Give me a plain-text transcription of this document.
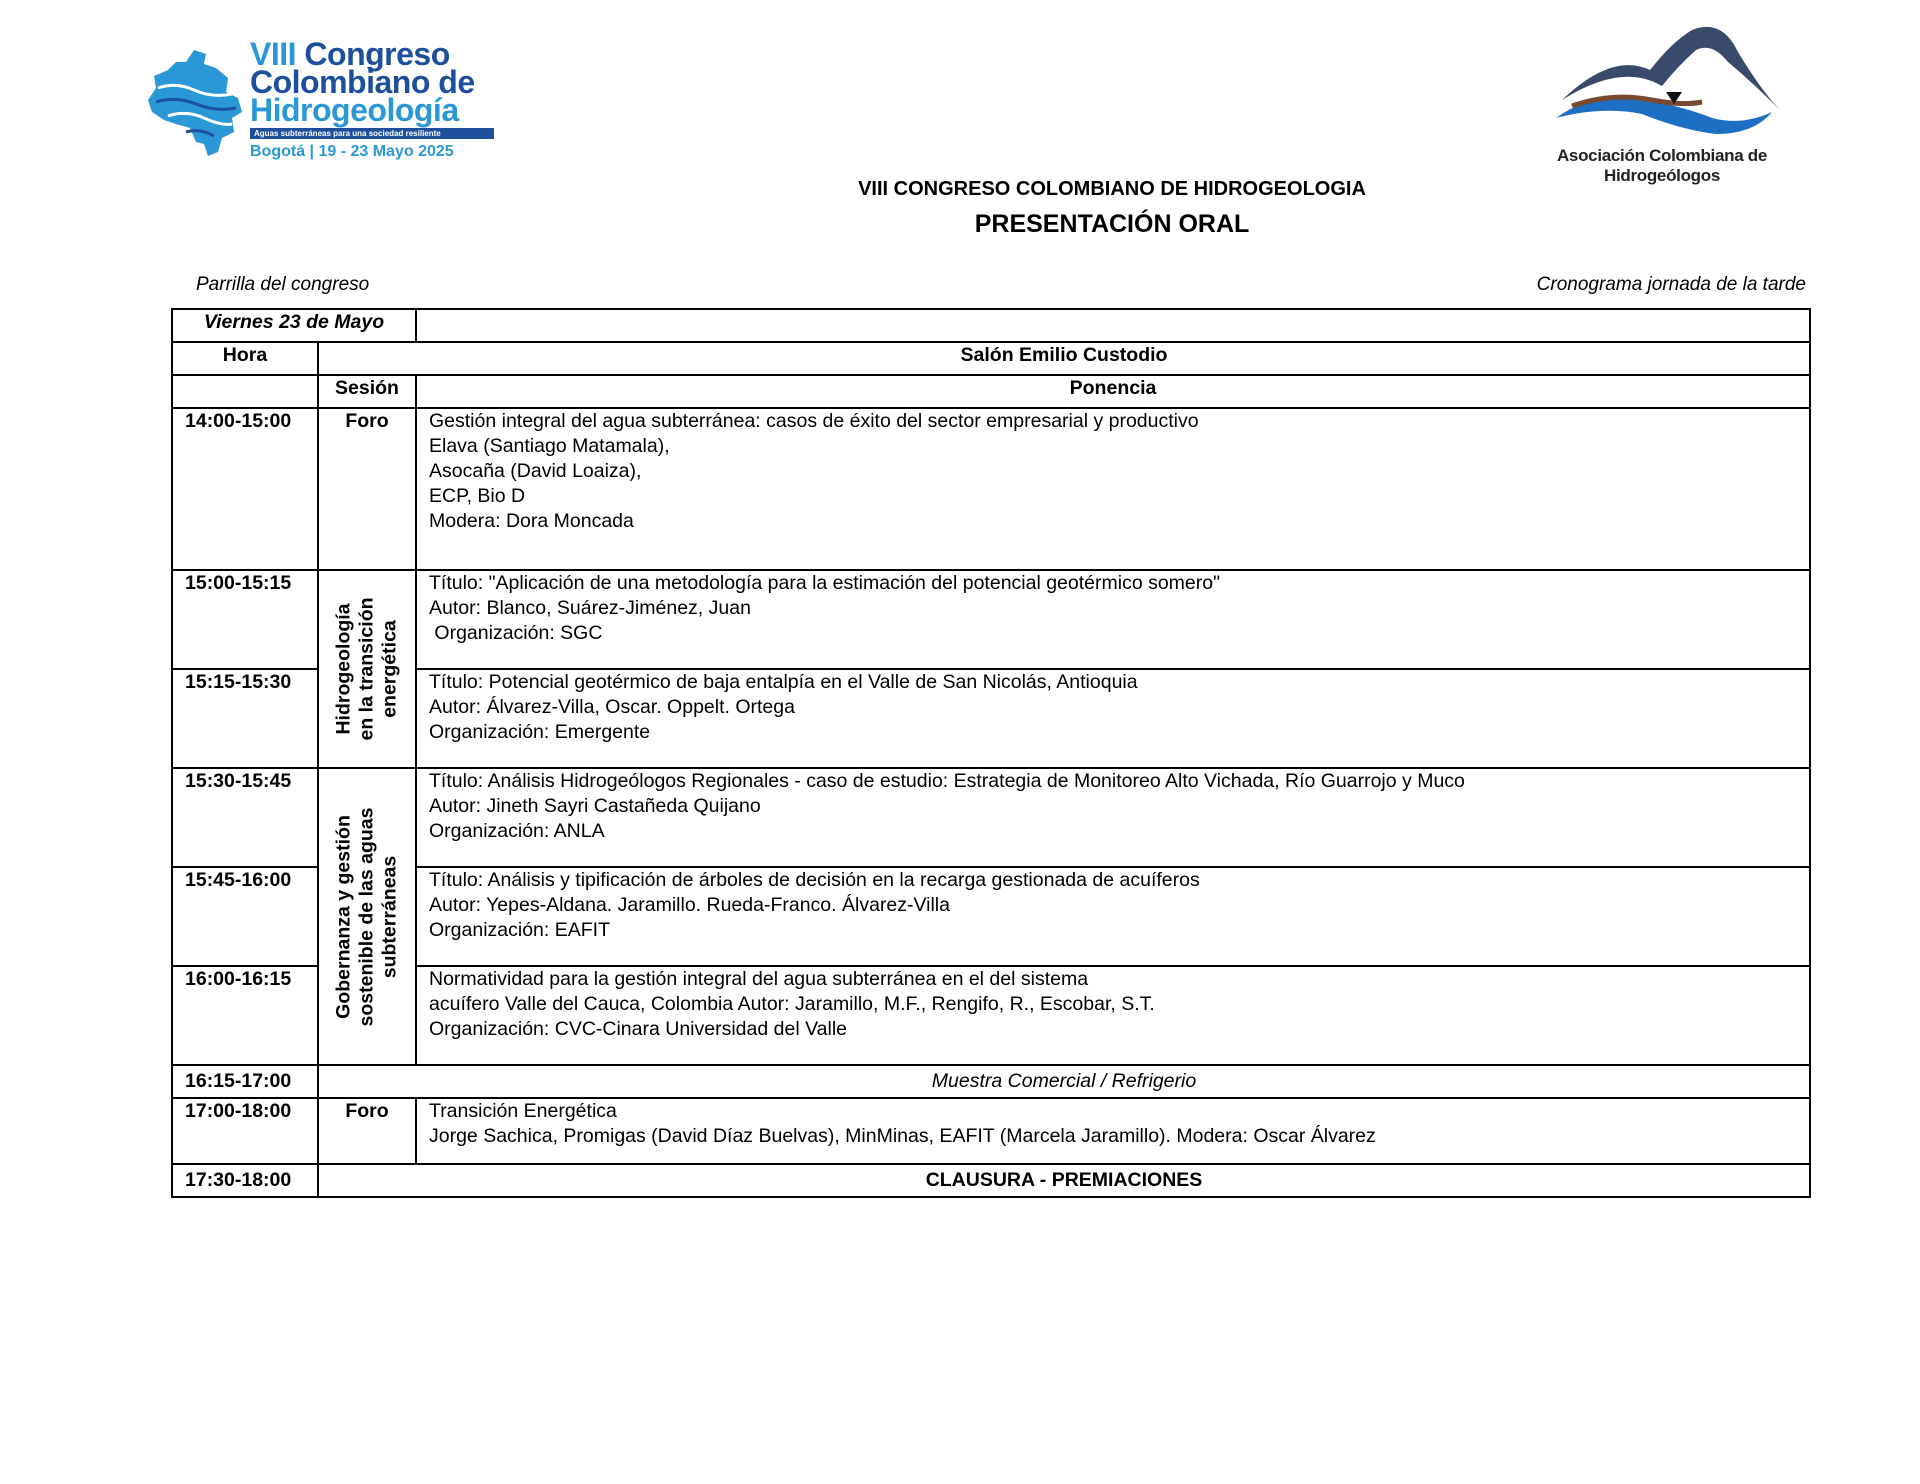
VIII Congreso
Colombiano de
Hidrogeología
Aguas subterráneas para una sociedad resiliente
Bogotá | 19 - 23 Mayo 2025	Asociación Colombiana de Hidrogeólogos
VIII CONGRESO COLOMBIANO DE HIDROGEOLOGIA
PRESENTACIÓN ORAL
Parrilla del congreso	Cronograma jornada de la tarde
Viernes 23 de Mayo		
Hora	Salón Emilio Custodio	
	Sesión	Ponencia
14:00-15:00	Foro	Gestión integral del agua subterránea: casos de éxito del sector empresarial y productivo
Elava (Santiago Matamala),
Asocaña (David Loaiza),
ECP, Bio D
Modera: Dora Moncada

15:00-15:15	Hidrogeología en la transición energética	Título: "Aplicación de una metodología para la estimación del potencial geotérmico somero"
Autor: Blanco, Suárez-Jiménez, Juan
Organización: SGC

15:15-15:30		Título: Potencial geotérmico de baja entalpía en el Valle de San Nicolás, Antioquia
Autor: Álvarez-Villa, Oscar. Oppelt. Ortega
Organización: Emergente

15:30-15:45	Gobernanza y gestión sostenible de las aguas subterráneas	Título: Análisis Hidrogeólogos Regionales - caso de estudio: Estrategia de Monitoreo Alto Vichada, Río Guarrojo y Muco
Autor: Jineth Sayri Castañeda Quijano
Organización: ANLA

15:45-16:00		Título: Análisis y tipificación de árboles de decisión en la recarga gestionada de acuíferos
Autor: Yepes-Aldana. Jaramillo. Rueda-Franco. Álvarez-Villa
Organización: EAFIT

16:00-16:15		Normatividad para la gestión integral del agua subterránea en el del sistema
acuífero Valle del Cauca, Colombia Autor: Jaramillo, M.F., Rengifo, R., Escobar, S.T.
Organización: CVC-Cinara Universidad del Valle

16:15-17:00	Muestra Comercial / Refrigerio	
17:00-18:00	Foro	Transición Energética
Jorge Sachica, Promigas (David Díaz Buelvas), MinMinas, EAFIT (Marcela Jaramillo). Modera: Oscar Álvarez

17:30-18:00	CLAUSURA - PREMIACIONES	
